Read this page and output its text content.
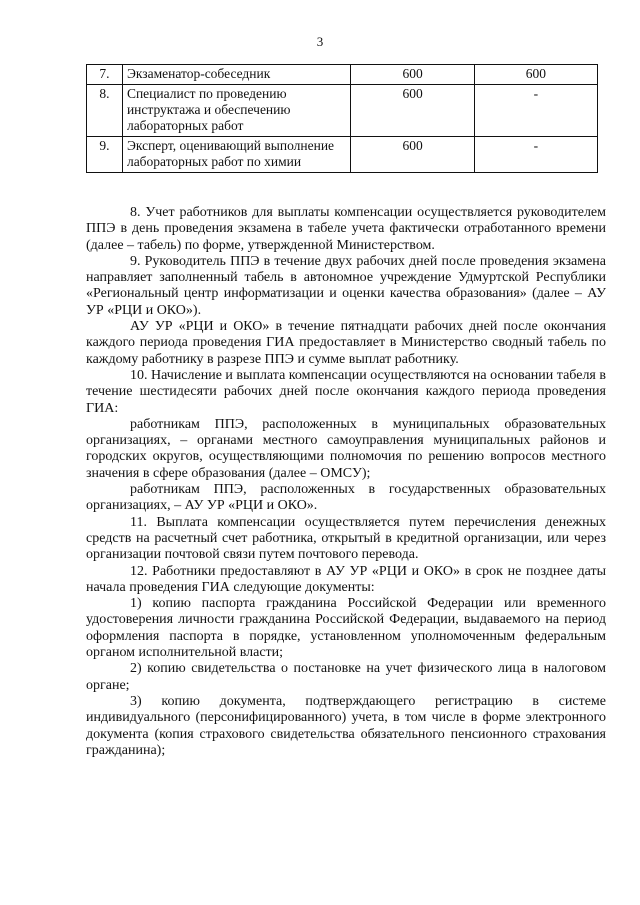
3
7.	Экзаменатор-собеседник	600	600
8.	Специалист по проведению инструктажа и обеспечению лабораторных работ	600	-
9.	Эксперт, оценивающий выполнение лабораторных работ по химии	600	-

8. Учет работников для выплаты компенсации осуществляется руководителем ППЭ в день проведения экзамена в табеле учета фактически отработанного времени (далее – табель) по форме, утвержденной Министерством.

9. Руководитель ППЭ в течение двух рабочих дней после проведения экзамена направляет заполненный табель в автономное учреждение Удмуртской Республики «Региональный центр информатизации и оценки качества образования» (далее – АУ УР «РЦИ и ОКО»).

АУ УР «РЦИ и ОКО» в течение пятнадцати рабочих дней после окончания каждого периода проведения ГИА предоставляет в Министерство сводный табель по каждому работнику в разрезе ППЭ и сумме выплат работнику.

10. Начисление и выплата компенсации осуществляются на основании табеля в течение шестидесяти рабочих дней после окончания каждого периода проведения ГИА:

работникам ППЭ, расположенных в муниципальных образовательных организациях, – органами местного самоуправления муниципальных районов и городских округов, осуществляющими полномочия по решению вопросов местного значения в сфере образования (далее – ОМСУ);

работникам ППЭ, расположенных в государственных образовательных организациях, – АУ УР «РЦИ и ОКО».

11. Выплата компенсации осуществляется путем перечисления денежных средств на расчетный счет работника, открытый в кредитной организации, или через организации почтовой связи путем почтового перевода.

12. Работники предоставляют в АУ УР «РЦИ и ОКО» в срок не позднее даты начала проведения ГИА следующие документы:

1) копию паспорта гражданина Российской Федерации или временного удостоверения личности гражданина Российской Федерации, выдаваемого на период оформления паспорта в порядке, установленном уполномоченным федеральным органом исполнительной власти;

2) копию свидетельства о постановке на учет физического лица в налоговом органе;

3) копию документа, подтверждающего регистрацию в системе индивидуального (персонифицированного) учета, в том числе в форме электронного документа (копия страхового свидетельства обязательного пенсионного страхования гражданина);
